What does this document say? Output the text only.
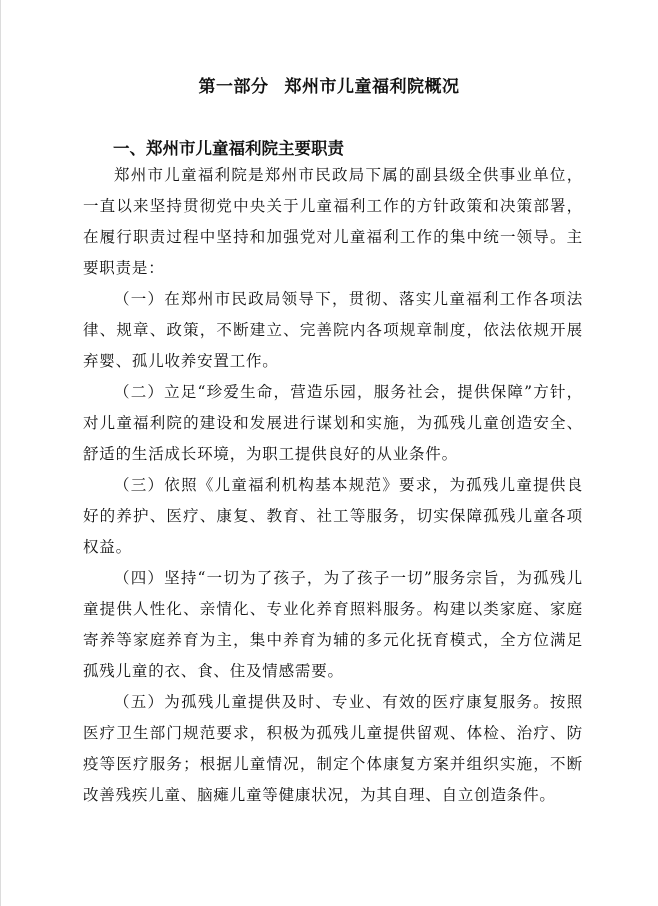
第一部分 郑州市儿童福利院概况
一、郑州市儿童福利院主要职责

郑州市儿童福利院是郑州市民政局下属的副县级全供事业单位，一直以来坚持贯彻党中央关于儿童福利工作的方针政策和决策部署，在履行职责过程中坚持和加强党对儿童福利工作的集中统一领导。主要职责是：

（一）在郑州市民政局领导下，贯彻、落实儿童福利工作各项法律、规章、政策，不断建立、完善院内各项规章制度，依法依规开展弃婴、孤儿收养安置工作。

（二）立足“珍爱生命，营造乐园，服务社会，提供保障”方针，对儿童福利院的建设和发展进行谋划和实施，为孤残儿童创造安全、舒适的生活成长环境，为职工提供良好的从业条件。

（三）依照《儿童福利机构基本规范》要求，为孤残儿童提供良好的养护、医疗、康复、教育、社工等服务，切实保障孤残儿童各项权益。

（四）坚持“一切为了孩子，为了孩子一切”服务宗旨，为孤残儿童提供人性化、亲情化、专业化养育照料服务。构建以类家庭、家庭寄养等家庭养育为主，集中养育为辅的多元化抚育模式，全方位满足孤残儿童的衣、食、住及情感需要。

（五）为孤残儿童提供及时、专业、有效的医疗康复服务。按照医疗卫生部门规范要求，积极为孤残儿童提供留观、体检、治疗、防疫等医疗服务；根据儿童情况，制定个体康复方案并组织实施，不断改善残疾儿童、脑瘫儿童等健康状况，为其自理、自立创造条件。
